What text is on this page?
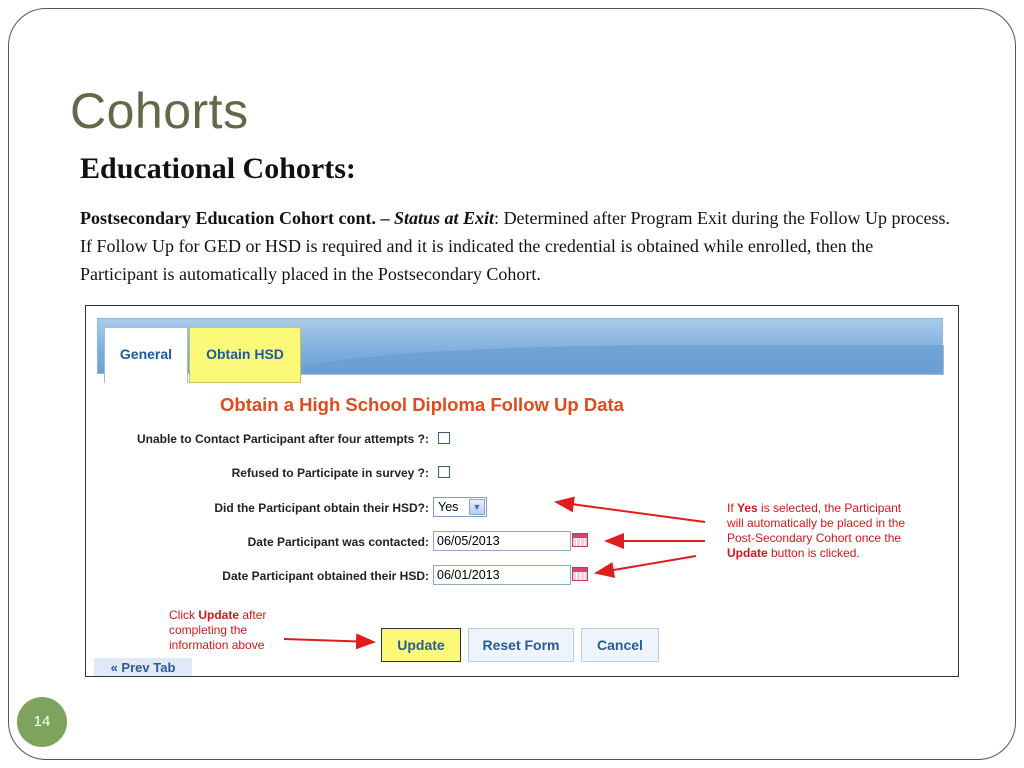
Cohorts
Educational Cohorts:
Postsecondary Education Cohort cont. – Status at Exit: Determined after Program Exit during the Follow Up process. If Follow Up for GED or HSD is required and it is indicated the credential is obtained while enrolled, then the Participant is automatically placed in the Postsecondary Cohort.
General	Obtain HSD
Obtain a High School Diploma Follow Up Data
Unable to Contact Participant after four attempts ?:
Refused to Participate in survey ?:
Did the Participant obtain their HSD?: Yes	▼
Date Participant was contacted: 06/05/2013
Date Participant obtained their HSD: 06/01/2013
If Yes is selected, the Participant will automatically be placed in the Post-Secondary Cohort once the Update button is clicked.
Click Update after completing the information above	Update	Reset Form	Cancel
« Prev Tab
14
